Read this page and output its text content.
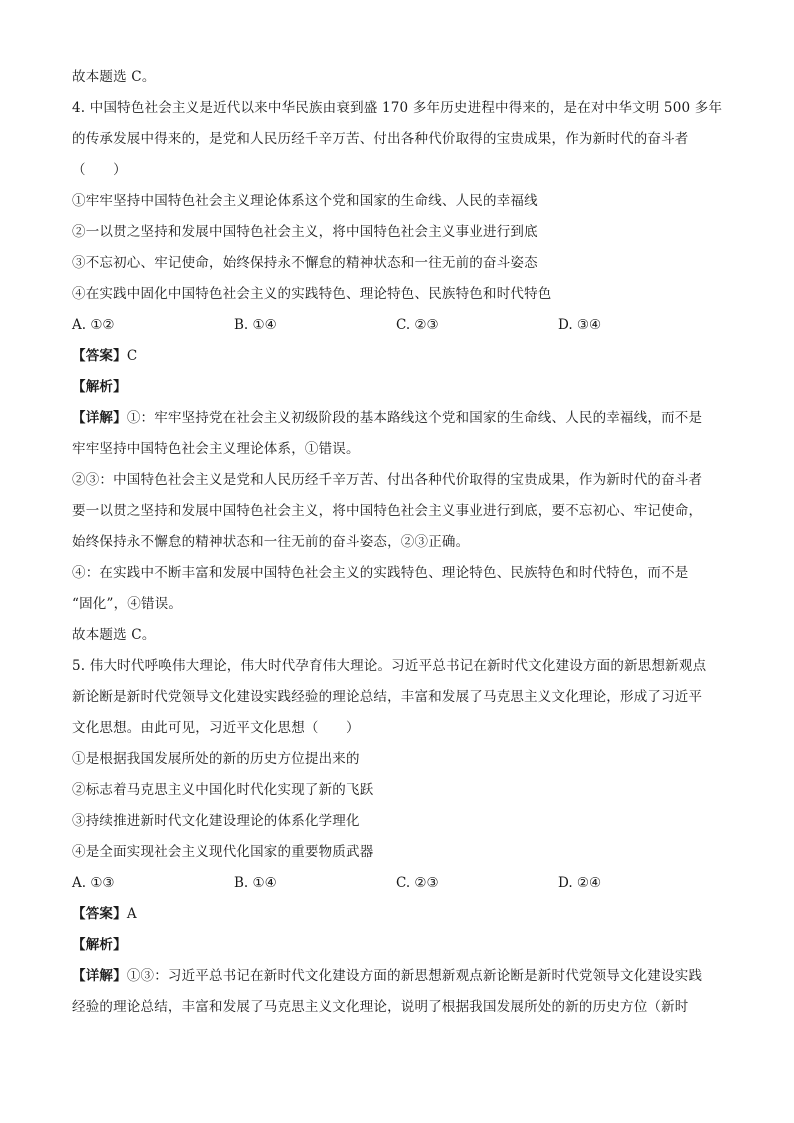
故本题选 C。
4. 中国特色社会主义是近代以来中华民族由衰到盛 170 多年历史进程中得来的，是在对中华文明 500 多年
的传承发展中得来的，是党和人民历经千辛万苦、付出各种代价取得的宝贵成果，作为新时代的奋斗者
（　　）
①牢牢坚持中国特色社会主义理论体系这个党和国家的生命线、人民的幸福线
②一以贯之坚持和发展中国特色社会主义，将中国特色社会主义事业进行到底
③不忘初心、牢记使命，始终保持永不懈怠的精神状态和一往无前的奋斗姿态
④在实践中固化中国特色社会主义的实践特色、理论特色、民族特色和时代特色
A. ①②	B. ①④	C. ②③	D. ③④
【答案】C
【解析】
【详解】①：牢牢坚持党在社会主义初级阶段的基本路线这个党和国家的生命线、人民的幸福线，而不是
牢牢坚持中国特色社会主义理论体系，①错误。
②③：中国特色社会主义是党和人民历经千辛万苦、付出各种代价取得的宝贵成果，作为新时代的奋斗者
要一以贯之坚持和发展中国特色社会主义，将中国特色社会主义事业进行到底，要不忘初心、牢记使命，
始终保持永不懈怠的精神状态和一往无前的奋斗姿态，②③正确。
④：在实践中不断丰富和发展中国特色社会主义的实践特色、理论特色、民族特色和时代特色，而不是
“固化”，④错误。
故本题选 C。
5. 伟大时代呼唤伟大理论，伟大时代孕育伟大理论。习近平总书记在新时代文化建设方面的新思想新观点
新论断是新时代党领导文化建设实践经验的理论总结，丰富和发展了马克思主义文化理论，形成了习近平
文化思想。由此可见，习近平文化思想（　　）
①是根据我国发展所处的新的历史方位提出来的
②标志着马克思主义中国化时代化实现了新的飞跃
③持续推进新时代文化建设理论的体系化学理化
④是全面实现社会主义现代化国家的重要物质武器
A. ①③	B. ①④	C. ②③	D. ②④
【答案】A
【解析】
【详解】①③：习近平总书记在新时代文化建设方面的新思想新观点新论断是新时代党领导文化建设实践
经验的理论总结，丰富和发展了马克思主义文化理论，说明了根据我国发展所处的新的历史方位（新时
